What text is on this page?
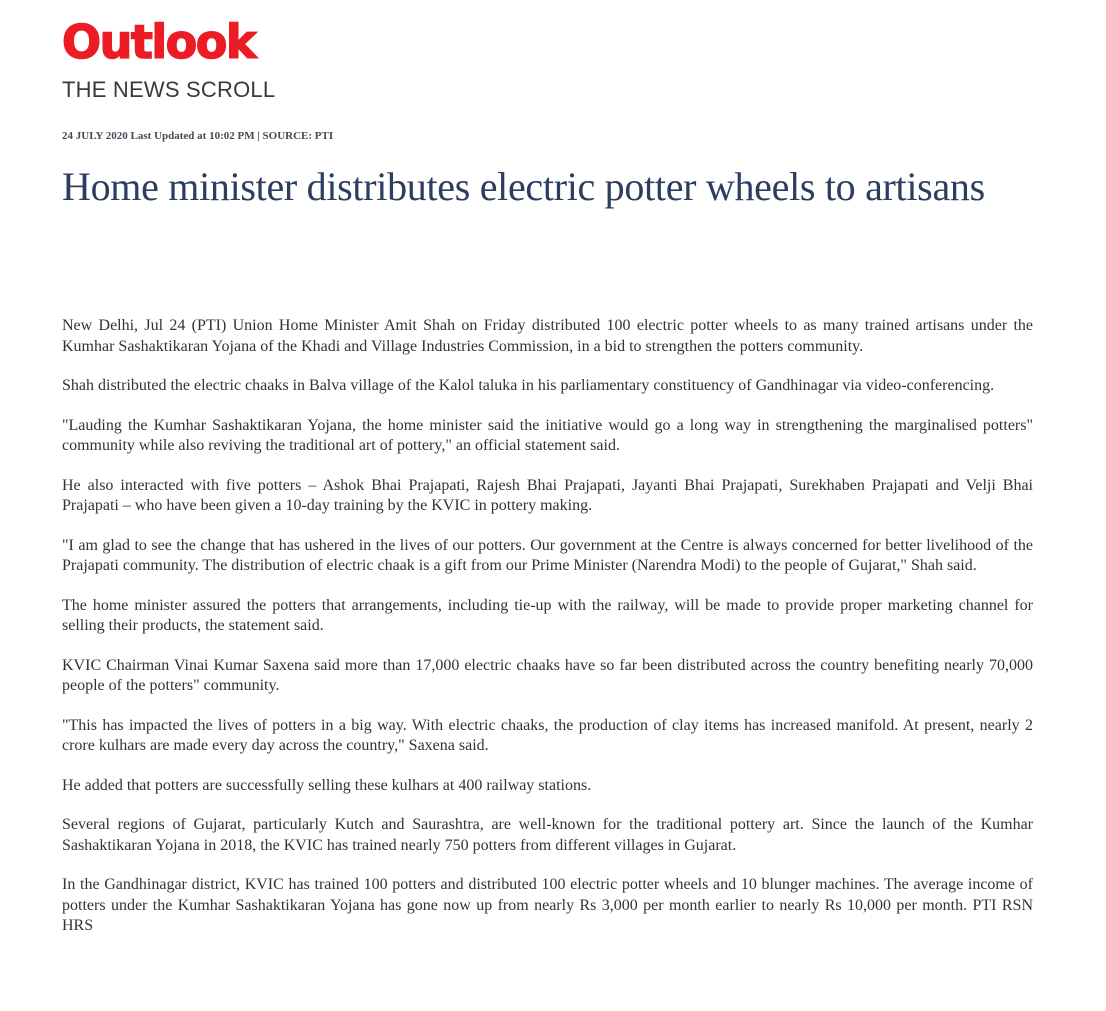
Outlook
THE NEWS SCROLL
24 JULY 2020 Last Updated at 10:02 PM | SOURCE: PTI
Home minister distributes electric potter wheels to artisans

New Delhi, Jul 24 (PTI) Union Home Minister Amit Shah on Friday distributed 100 electric potter wheels to as many trained artisans under the Kumhar Sashaktikaran Yojana of the Khadi and Village Industries Commission, in a bid to strengthen the potters community.

Shah distributed the electric chaaks in Balva village of the Kalol taluka in his parliamentary constituency of Gandhinagar via video-conferencing.

"Lauding the Kumhar Sashaktikaran Yojana, the home minister said the initiative would go a long way in strengthening the marginalised potters" community while also reviving the traditional art of pottery," an official statement said.

He also interacted with five potters – Ashok Bhai Prajapati, Rajesh Bhai Prajapati, Jayanti Bhai Prajapati, Surekhaben Prajapati and Velji Bhai Prajapati – who have been given a 10-day training by the KVIC in pottery making.

"I am glad to see the change that has ushered in the lives of our potters. Our government at the Centre is always concerned for better livelihood of the Prajapati community. The distribution of electric chaak is a gift from our Prime Minister (Narendra Modi) to the people of Gujarat," Shah said.

The home minister assured the potters that arrangements, including tie-up with the railway, will be made to provide proper marketing channel for selling their products, the statement said.

KVIC Chairman Vinai Kumar Saxena said more than 17,000 electric chaaks have so far been distributed across the country benefiting nearly 70,000 people of the potters" community.

"This has impacted the lives of potters in a big way. With electric chaaks, the production of clay items has increased manifold. At present, nearly 2 crore kulhars are made every day across the country," Saxena said.

He added that potters are successfully selling these kulhars at 400 railway stations.

Several regions of Gujarat, particularly Kutch and Saurashtra, are well-known for the traditional pottery art. Since the launch of the Kumhar Sashaktikaran Yojana in 2018, the KVIC has trained nearly 750 potters from different villages in Gujarat.

In the Gandhinagar district, KVIC has trained 100 potters and distributed 100 electric potter wheels and 10 blunger machines. The average income of potters under the Kumhar Sashaktikaran Yojana has gone now up from nearly Rs 3,000 per month earlier to nearly Rs 10,000 per month. PTI RSN HRS
